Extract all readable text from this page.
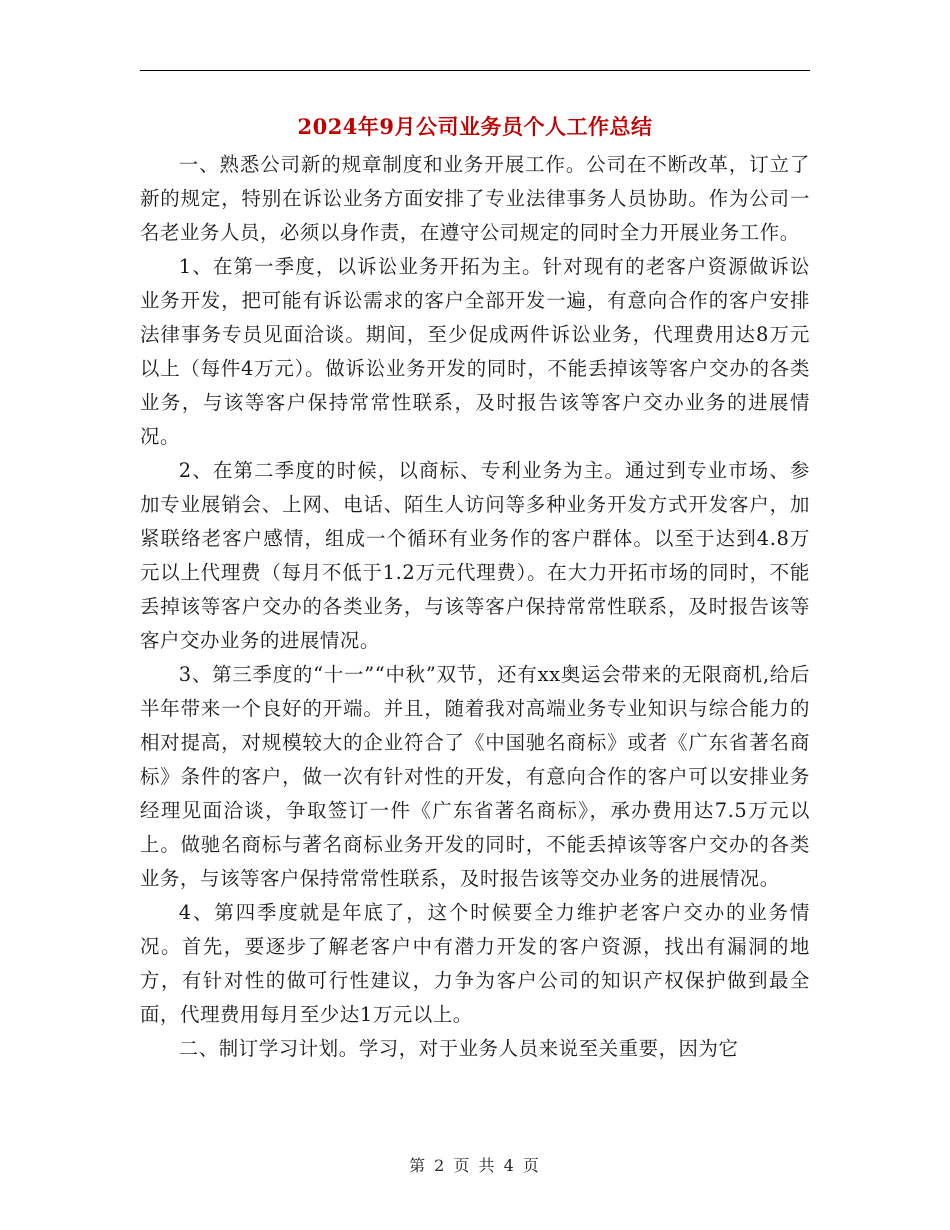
2024年9月公司业务员个人工作总结

一、熟悉公司新的规章制度和业务开展工作。公司在不断改革，订立了新的规定，特别在诉讼业务方面安排了专业法律事务人员协助。作为公司一名老业务人员，必须以身作责，在遵守公司规定的同时全力开展业务工作。

1、在第一季度，以诉讼业务开拓为主。针对现有的老客户资源做诉讼业务开发，把可能有诉讼需求的客户全部开发一遍，有意向合作的客户安排法律事务专员见面洽谈。期间，至少促成两件诉讼业务，代理费用达8万元以上（每件4万元）。做诉讼业务开发的同时，不能丢掉该等客户交办的各类业务，与该等客户保持常常性联系，及时报告该等客户交办业务的进展情况。

2、在第二季度的时候，以商标、专利业务为主。通过到专业市场、参加专业展销会、上网、电话、陌生人访问等多种业务开发方式开发客户，加紧联络老客户感情，组成一个循环有业务作的客户群体。以至于达到4.8万元以上代理费（每月不低于1.2万元代理费）。在大力开拓市场的同时，不能丢掉该等客户交办的各类业务，与该等客户保持常常性联系，及时报告该等客户交办业务的进展情况。

3、第三季度的“十一”“中秋”双节，还有xx奥运会带来的无限商机,给后半年带来一个良好的开端。并且，随着我对高端业务专业知识与综合能力的相对提高，对规模较大的企业符合了《中国驰名商标》或者《广东省著名商标》条件的客户，做一次有针对性的开发，有意向合作的客户可以安排业务经理见面洽谈，争取签订一件《广东省著名商标》，承办费用达7.5万元以上。做驰名商标与著名商标业务开发的同时，不能丢掉该等客户交办的各类业务，与该等客户保持常常性联系，及时报告该等交办业务的进展情况。

4、第四季度就是年底了，这个时候要全力维护老客户交办的业务情况。首先，要逐步了解老客户中有潜力开发的客户资源，找出有漏洞的地方，有针对性的做可行性建议，力争为客户公司的知识产权保护做到最全面，代理费用每月至少达1万元以上。

二、制订学习计划。学习，对于业务人员来说至关重要，因为它

第 2 页 共 4 页
